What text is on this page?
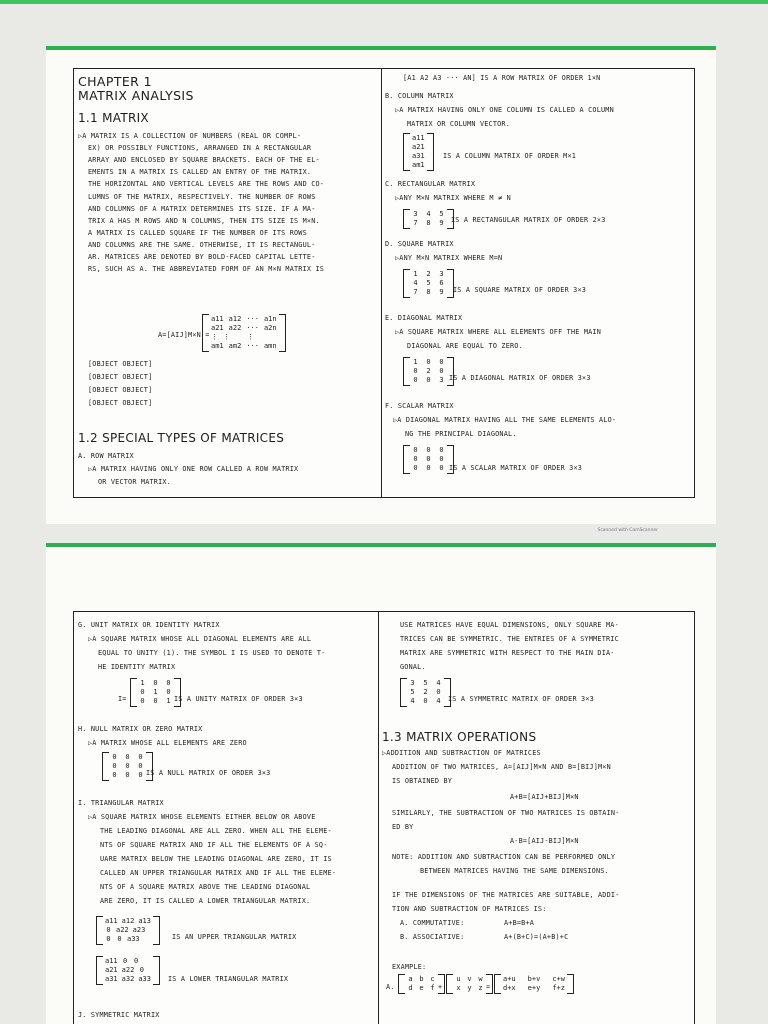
CHAPTER 1
MATRIX ANALYSIS
1.1 MATRIX
▷A MATRIX IS A COLLECTION OF NUMBERS (REAL OR COMPL-
EX) OR POSSIBLY FUNCTIONS, ARRANGED IN A RECTANGULAR
ARRAY AND ENCLOSED BY SQUARE BRACKETS. EACH OF THE EL-
EMENTS IN A MATRIX IS CALLED AN ENTRY OF THE MATRIX.
THE HORIZONTAL AND VERTICAL LEVELS ARE THE ROWS AND CO-
LUMNS OF THE MATRIX, RESPECTIVELY. THE NUMBER OF ROWS
AND COLUMNS OF A MATRIX DETERMINES ITS SIZE. IF A MA-
TRIX A HAS M ROWS AND N COLUMNS, THEN ITS SIZE IS M×N.
A MATRIX IS CALLED SQUARE IF THE NUMBER OF ITS ROWS
AND COLUMNS ARE THE SAME. OTHERWISE, IT IS RECTANGUL-
AR. MATRICES ARE DENOTED BY BOLD-FACED CAPITAL LETTE-
RS, SUCH AS A. THE ABBREVIATED FORM OF AN M×N MATRIX IS
A=[AIJ]M×N =
a11 a12 ··· a1n
a21 a22 ··· a2n
⋮ ⋮ ⋮
am1 am2 ··· amn
[OBJECT OBJECT]
[OBJECT OBJECT]
[OBJECT OBJECT]
[OBJECT OBJECT]
1.2 SPECIAL TYPES OF MATRICES
A. ROW MATRIX
▷A MATRIX HAVING ONLY ONE ROW CALLED A ROW MATRIX
OR VECTOR MATRIX.
[A1 A2 A3 ··· AN] IS A ROW MATRIX OF ORDER 1×N
B. COLUMN MATRIX
▷A MATRIX HAVING ONLY ONE COLUMN IS CALLED A COLUMN
MATRIX OR COLUMN VECTOR.
a11
a21
a31
am1
IS A COLUMN MATRIX OF ORDER M×1
C. RECTANGULAR MATRIX
▷ANY M×N MATRIX WHERE M ≠ N
3 4 5
7 8 9 IS A RECTANGULAR MATRIX OF ORDER 2×3
D. SQUARE MATRIX
▷ANY M×N MATRIX WHERE M=N
1 2 3
4 5 6
7 8 9 IS A SQUARE MATRIX OF ORDER 3×3
E. DIAGONAL MATRIX
▷A SQUARE MATRIX WHERE ALL ELEMENTS OFF THE MAIN
DIAGONAL ARE EQUAL TO ZERO.
1 0 0
0 2 0
0 0 3 IS A DIAGONAL MATRIX OF ORDER 3×3
F. SCALAR MATRIX
▷A DIAGONAL MATRIX HAVING ALL THE SAME ELEMENTS ALO-
NG THE PRINCIPAL DIAGONAL.
0 0 0
0 0 0
0 0 0 IS A SCALAR MATRIX OF ORDER 3×3
Scanned with CamScanner
G. UNIT MATRIX OR IDENTITY MATRIX
▷A SQUARE MATRIX WHOSE ALL DIAGONAL ELEMENTS ARE ALL
EQUAL TO UNITY (1). THE SYMBOL I IS USED TO DENOTE T-
HE IDENTITY MATRIX
I=
1 0 0
0 1 0
0 0 1 IS A UNITY MATRIX OF ORDER 3×3
H. NULL MATRIX OR ZERO MATRIX
▷A MATRIX WHOSE ALL ELEMENTS ARE ZERO
0 0 0
0 0 0
0 0 0 IS A NULL MATRIX OF ORDER 3×3
I. TRIANGULAR MATRIX
▷A SQUARE MATRIX WHOSE ELEMENTS EITHER BELOW OR ABOVE
THE LEADING DIAGONAL ARE ALL ZERO. WHEN ALL THE ELEME-
NTS OF SQUARE MATRIX AND IF ALL THE ELEMENTS OF A SQ-
UARE MATRIX BELOW THE LEADING DIAGONAL ARE ZERO, IT IS
CALLED AN UPPER TRIANGULAR MATRIX AND IF ALL THE ELEME-
NTS OF A SQUARE MATRIX ABOVE THE LEADING DIAGONAL
ARE ZERO, IT IS CALLED A LOWER TRIANGULAR MATRIX.
a11 a12 a13
0 a22 a23
0 0 a33	IS AN UPPER TRIANGULAR MATRIX
a11 0 0
a21 a22 0
a31 a32 a33	IS A LOWER TRIANGULAR MATRIX
J. SYMMETRIC MATRIX
USE MATRICES HAVE EQUAL DIMENSIONS, ONLY SQUARE MA-
TRICES CAN BE SYMMETRIC. THE ENTRIES OF A SYMMETRIC
MATRIX ARE SYMMETRIC WITH RESPECT TO THE MAIN DIA-
GONAL.
3 5 4
5 2 0
4 0 4 IS A SYMMETRIC MATRIX OF ORDER 3×3
1.3 MATRIX OPERATIONS
▷ADDITION AND SUBTRACTION OF MATRICES
ADDITION OF TWO MATRICES, A=[AIJ]M×N AND B=[BIJ]M×N
IS OBTAINED BY
A+B=[AIJ+BIJ]M×N
SIMILARLY, THE SUBTRACTION OF TWO MATRICES IS OBTAIN-
ED BY
A-B=[AIJ-BIJ]M×N
NOTE: ADDITION AND SUBTRACTION CAN BE PERFORMED ONLY
BETWEEN MATRICES HAVING THE SAME DIMENSIONS.
IF THE DIMENSIONS OF THE MATRICES ARE SUITABLE, ADDI-
TION AND SUBTRACTION OF MATRICES IS:
A. COMMUTATIVE:	A+B=B+A
B. ASSOCIATIVE:	A+(B+C)=(A+B)+C
EXAMPLE:
A.
a b c
d e f +
u v w
x y z =
a+u b+v c+w
d+x e+y f+z
